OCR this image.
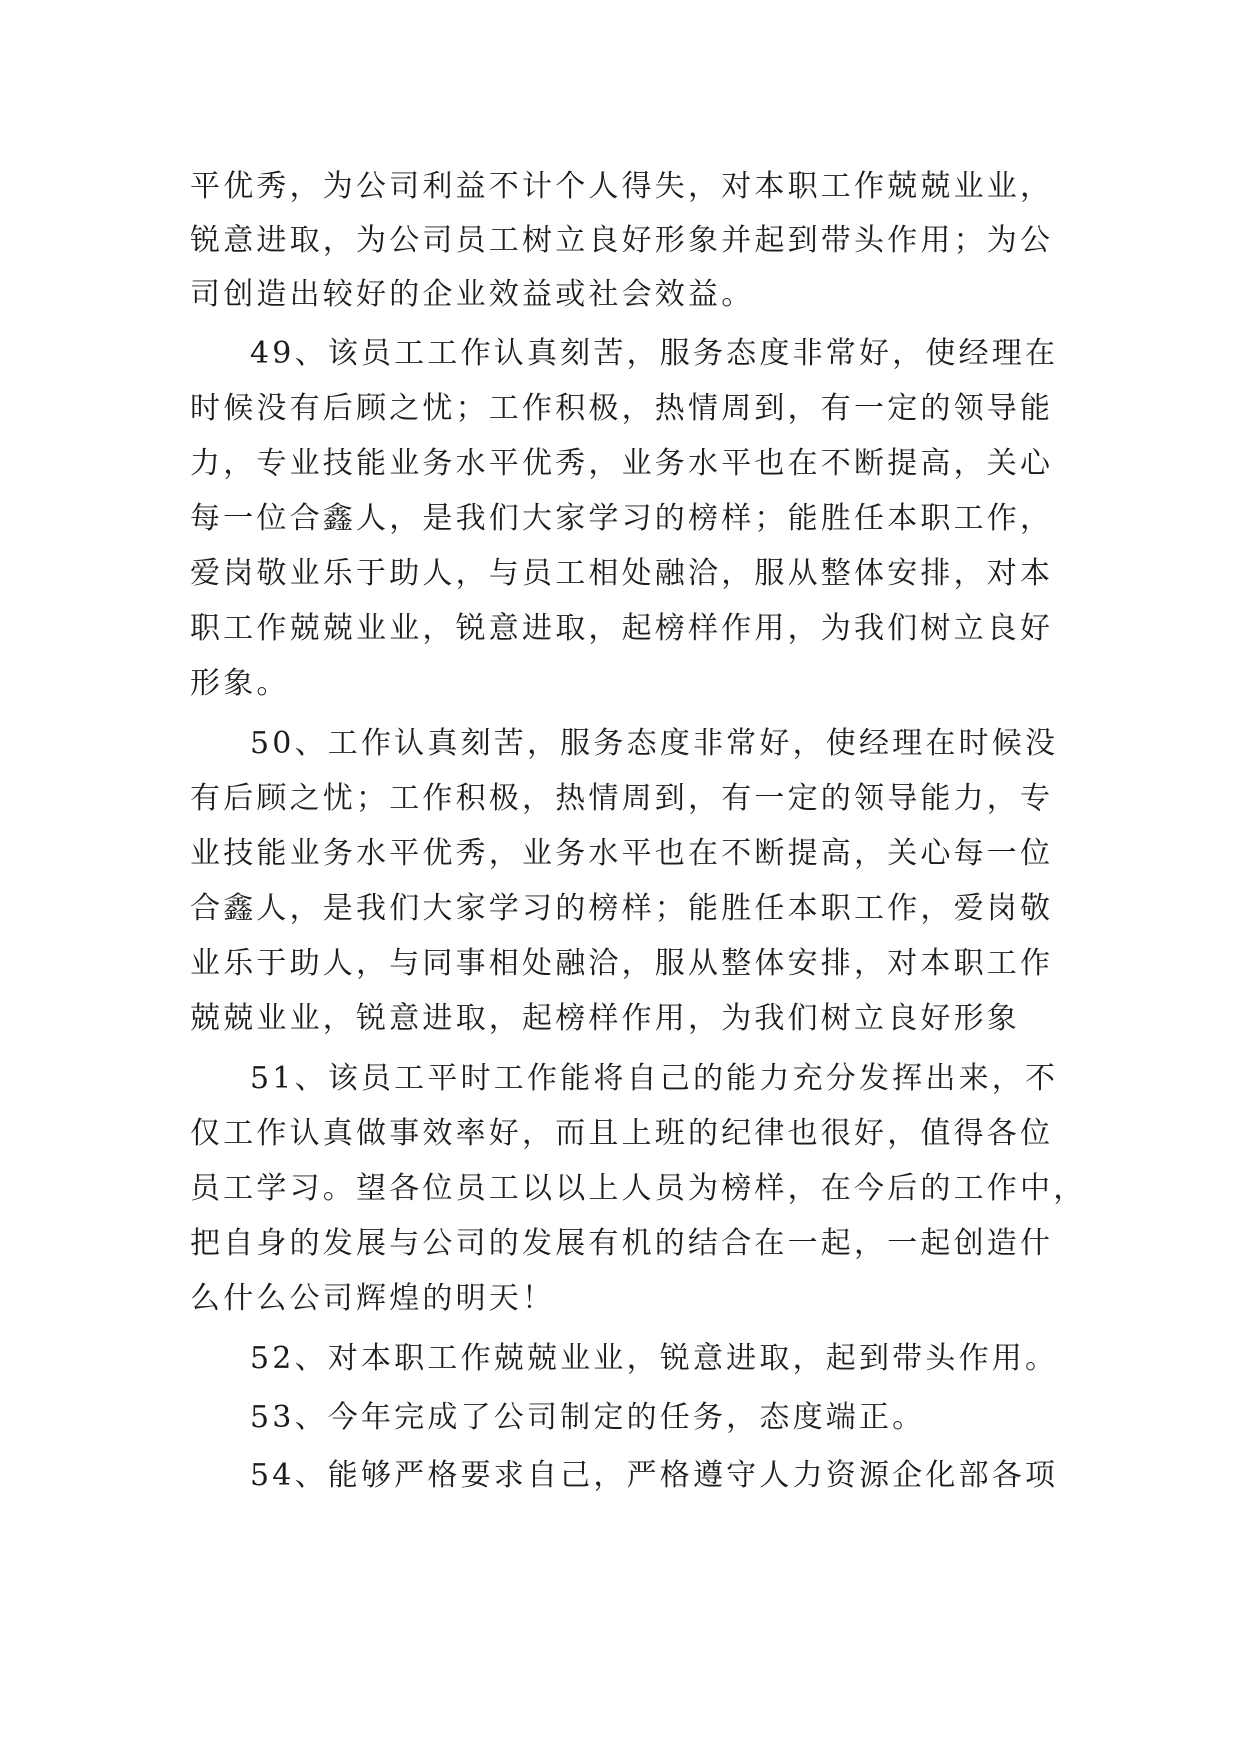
平优秀，为公司利益不计个人得失，对本职工作兢兢业业，
锐意进取，为公司员工树立良好形象并起到带头作用；为公
司创造出较好的企业效益或社会效益。
49、该员工工作认真刻苦，服务态度非常好，使经理在
时候没有后顾之忧；工作积极，热情周到，有一定的领导能
力，专业技能业务水平优秀，业务水平也在不断提高，关心
每一位合鑫人，是我们大家学习的榜样；能胜任本职工作，
爱岗敬业乐于助人，与员工相处融洽，服从整体安排，对本
职工作兢兢业业，锐意进取，起榜样作用，为我们树立良好
形象。
50、工作认真刻苦，服务态度非常好，使经理在时候没
有后顾之忧；工作积极，热情周到，有一定的领导能力，专
业技能业务水平优秀，业务水平也在不断提高，关心每一位
合鑫人，是我们大家学习的榜样；能胜任本职工作，爱岗敬
业乐于助人，与同事相处融洽，服从整体安排，对本职工作
兢兢业业，锐意进取，起榜样作用，为我们树立良好形象
51、该员工平时工作能将自己的能力充分发挥出来，不
仅工作认真做事效率好，而且上班的纪律也很好，值得各位
员工学习。望各位员工以以上人员为榜样，在今后的工作中，
把自身的发展与公司的发展有机的结合在一起，一起创造什
么什么公司辉煌的明天！
52、对本职工作兢兢业业，锐意进取，起到带头作用。
53、今年完成了公司制定的任务，态度端正。
54、能够严格要求自己，严格遵守人力资源企化部各项
